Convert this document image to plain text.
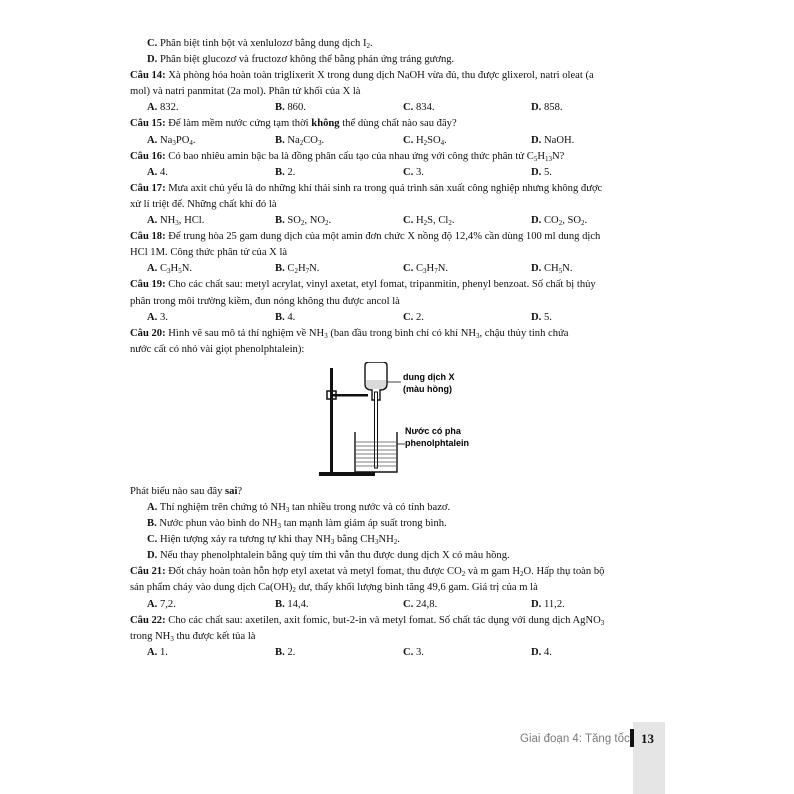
C. Phân biệt tinh bột và xenlulozơ bằng dung dịch $I_2$.
D. Phân biệt glucozơ và fructozơ không thể bằng phản ứng tráng gương.
Câu 14: Xà phòng hóa hoàn toàn triglixerit X trong dung dịch NaOH vừa đủ, thu được glixerol, natri oleat (a
mol) và natri panmitat (2a mol). Phân tử khối của X là
A. 832.	B. 860.	C. 834.	D. 858.
Câu 15: Để làm mềm nước cứng tạm thời không thể dùng chất nào sau đây?
A. $Na_3PO_4$.	B. $Na_2CO_3$.	C. $H_2SO_4$.	D. NaOH.
Câu 16: Có bao nhiêu amin bậc ba là đồng phân cấu tạo của nhau ứng với công thức phân tử $C_5H_{13}N$?
A. 4.	B. 2.	C. 3.	D. 5.
Câu 17: Mưa axit chủ yếu là do những khí thải sinh ra trong quá trình sản xuất công nghiệp nhưng không được
xử lí triệt để. Những chất khí đó là
A. $NH_3$, HCl.	B. $SO_2$, $NO_2$.	C. $H_2S$, $Cl_2$.	D. $CO_2$, $SO_2$.
Câu 18: Để trung hòa 25 gam dung dịch của một amin đơn chức X nồng độ 12,4% cần dùng 100 ml dung dịch
HCl 1M. Công thức phân tử của X là
A. $C_3H_5N$.	B. $C_2H_7N$.	C. $C_3H_7N$.	D. $CH_5N$.
Câu 19: Cho các chất sau: metyl acrylat, vinyl axetat, etyl fomat, tripanmitin, phenyl benzoat. Số chất bị thủy
phân trong môi trường kiềm, đun nóng không thu được ancol là
A. 3.	B. 4.	C. 2.	D. 5.
Câu 20: Hình vẽ sau mô tả thí nghiệm về $NH_3$ (ban đầu trong bình chỉ có khí $NH_3$, chậu thủy tinh chứa
nước cất có nhỏ vài giọt phenolphtalein):
dung dịch X
(màu hồng)
Nước có pha
phenolphtalein
Phát biểu nào sau đây sai?
A. Thí nghiệm trên chứng tỏ $NH_3$ tan nhiều trong nước và có tính bazơ.
B. Nước phun vào bình do $NH_3$ tan mạnh làm giảm áp suất trong bình.
C. Hiện tượng xảy ra tương tự khi thay $NH_3$ bằng $CH_3NH_2$.
D. Nếu thay phenolphtalein bằng quỳ tím thì vẫn thu được dung dịch X có màu hồng.
Câu 21: Đốt cháy hoàn toàn hỗn hợp etyl axetat và metyl fomat, thu được $CO_2$ và m gam $H_2O$. Hấp thụ toàn bộ
sản phẩm cháy vào dung dịch $Ca(OH)_2$ dư, thấy khối lượng bình tăng 49,6 gam. Giá trị của m là
A. 7,2.	B. 14,4.	C. 24,8.	D. 11,2.
Câu 22: Cho các chất sau: axetilen, axit fomic, but-2-in và metyl fomat. Số chất tác dụng với dung dịch AgNO$_3$
trong $NH_3$ thu được kết tủa là
A. 1.	B. 2.	C. 3.	D. 4.
Giai đoạn 4: Tăng tốc 13
